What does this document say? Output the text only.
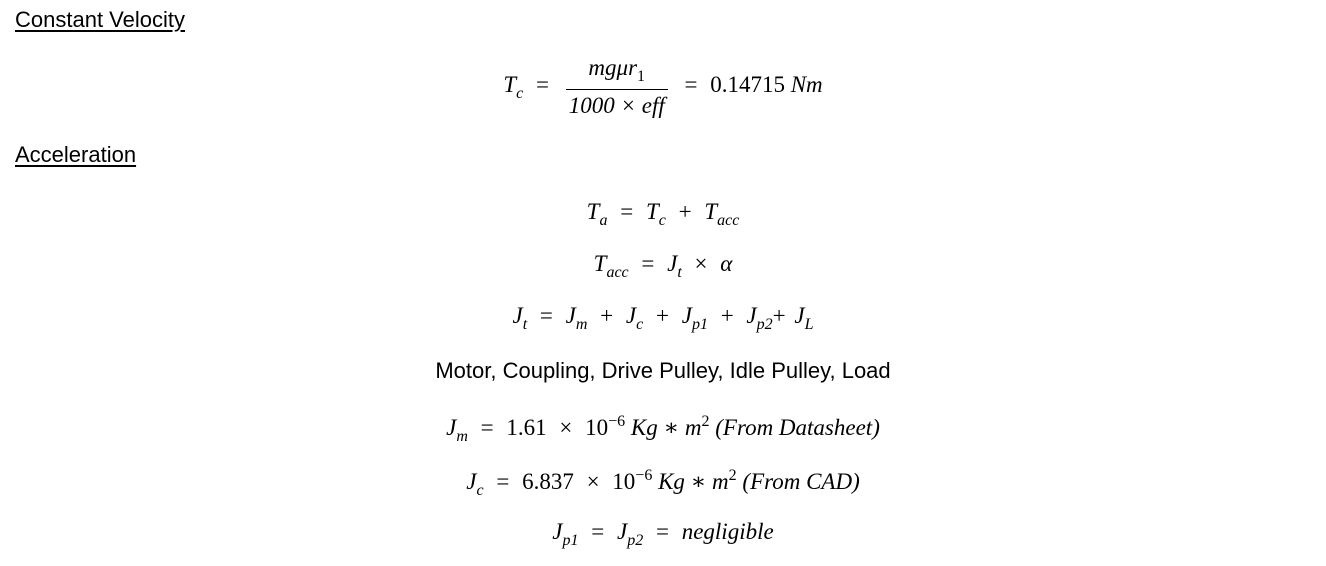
Constant Velocity
$T_c = \frac{mg\mu r_1}{\text{1000 × eff}} = 0.14715$ Nm
Acceleration
$T_a = T_c + T_{acc}$
$T_{acc} = J_t \times \alpha$
$J_t = J_m + J_c + J_{p1} + J_{p2}+ J_L$
Motor, Coupling, Drive Pulley, Idle Pulley, Load
$J_m = 1.61 \times 10^{-6}$ Kg ∗ $m^2$ (From Datasheet)
$J_c = 6.837 \times 10^{-6}$ Kg ∗ $m^2$ (From CAD)
$J_{p1} = J_{p2}$ = negligible
